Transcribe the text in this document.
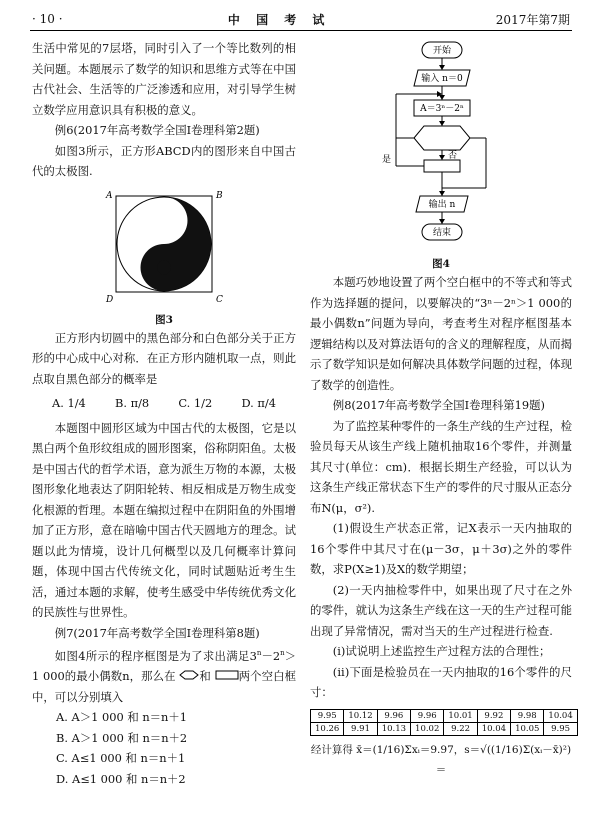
· 10 ·	中 国 考 试	2017年第7期

生活中常见的7层塔，同时引入了一个等比数列的相关问题。本题展示了数学的知识和思维方式等在中国古代社会、生活等的广泛渗透和应用，对引导学生树立数学应用意识具有积极的意义。

例6(2017年高考数学全国Ⅰ卷理科第2题)

如图3所示，正方形ABCD内的图形来自中国古代的太极图.

A	B
D	C

图3

正方形内切圆中的黑色部分和白色部分关于正方形的中心成中心对称．在正方形内随机取一点，则此点取自黑色部分的概率是

A. 1/4	B. π/8	C. 1/2	D. π/4

本题图中圆形区域为中国古代的太极图，它是以黑白两个鱼形纹组成的圆形图案，俗称阴阳鱼。太极是中国古代的哲学术语，意为派生万物的本源，太极图形象化地表达了阴阳轮转、相反相成是万物生成变化根源的哲理。本题在编拟过程中在阴阳鱼的外围增加了正方形，意在暗喻中国古代天圆地方的理念。试题以此为情境，设计几何概型以及几何概率计算问题，体现中国古代传统文化，同时试题贴近考生生活，通过本题的求解，使考生感受中华传统优秀文化的民族性与世界性。

例7(2017年高考数学全国Ⅰ卷理科第8题)

如图4所示的程序框图是为了求出满足$3^n-2^n>1$ 000的最小偶数n，那么在 和 两个空白框中，可以分别填入

A. A＞1 000 和 n＝n＋1

B. A＞1 000 和 n＝n＋2

C. A≤1 000 和 n＝n＋1

D. A≤1 000 和 n＝n＋2

开始
输入 n＝0
A＝3ⁿ－2ⁿ
是	否
输出 n
结束

图4

本题巧妙地设置了两个空白框中的不等式和等式作为选择题的提问，以要解决的“3ⁿ－2ⁿ＞1 000的最小偶数n”问题为导向，考查考生对程序框图基本逻辑结构以及对算法语句的含义的理解程度，从而揭示了数学知识是如何解决具体数学问题的过程，体现了数学的创造性。

例8(2017年高考数学全国Ⅰ卷理科第19题)

为了监控某种零件的一条生产线的生产过程，检验员每天从该生产线上随机抽取16个零件，并测量其尺寸(单位：cm)．根据长期生产经验，可以认为这条生产线正常状态下生产的零件的尺寸服从正态分布N(μ，σ²).

(1)假设生产状态正常，记X表示一天内抽取的16个零件中其尺寸在(μ－3σ，μ＋3σ)之外的零件数，求P(X≥1)及X的数学期望；

(2)一天内抽检零件中，如果出现了尺寸在之外的零件，就认为这条生产线在这一天的生产过程可能出现了异常情况，需对当天的生产过程进行检查.

(ⅰ)试说明上述监控生产过程方法的合理性；

(ⅱ)下面是检验员在一天内抽取的16个零件的尺寸：

9.95	10.12	9.96	9.96	10.01	9.92	9.98	10.04
10.26	9.91	10.13	10.02	9.22	10.04	10.05	9.95

经计算得 x̄＝(1/16)Σxᵢ＝9.97，s＝√((1/16)Σ(xᵢ－x̄)²)＝
